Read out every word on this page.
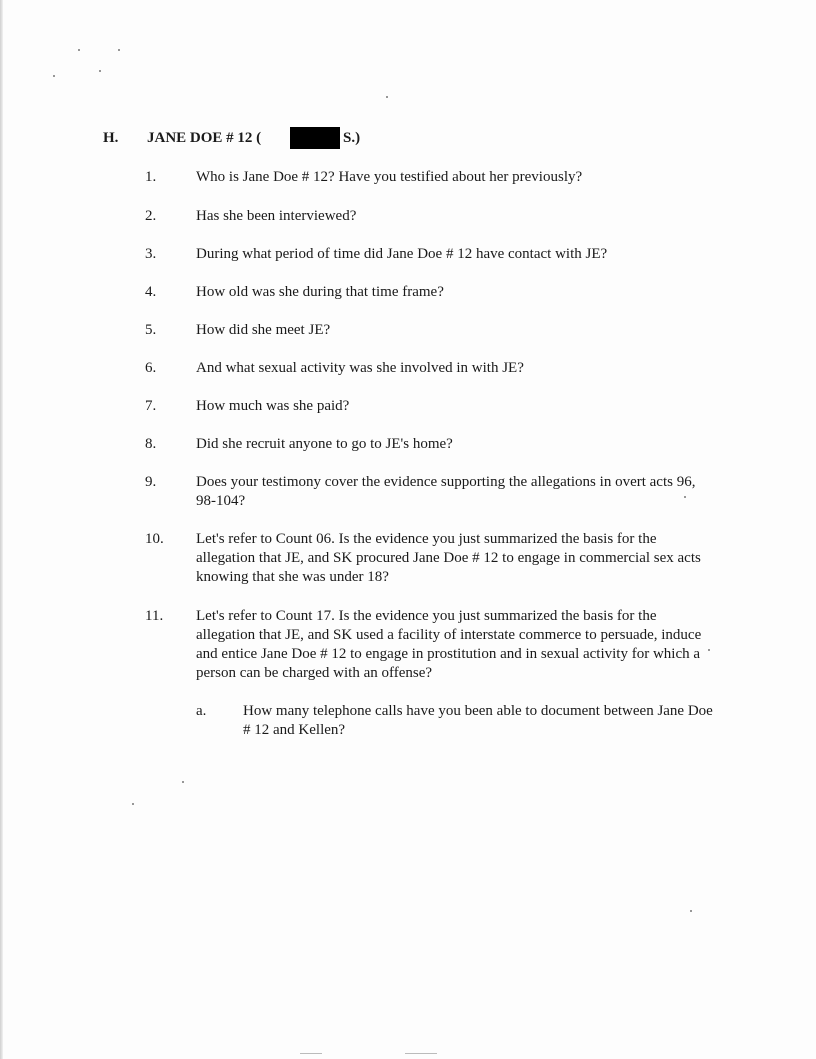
H. JANE DOE # 12 (	S.)
1.	Who is Jane Doe # 12? Have you testified about her previously?
2.	Has she been interviewed?
3.	During what period of time did Jane Doe # 12 have contact with JE?
4.	How old was she during that time frame?
5.	How did she meet JE?
6.	And what sexual activity was she involved in with JE?
7.	How much was she paid?
8.	Did she recruit anyone to go to JE's home?
9.	Does your testimony cover the evidence supporting the allegations in overt acts 96, 98-104?
10. Let's refer to Count 06. Is the evidence you just summarized the basis for the allegation that JE, and SK procured Jane Doe # 12 to engage in commercial sex acts knowing that she was under 18?
11. Let's refer to Count 17. Is the evidence you just summarized the basis for the allegation that JE, and SK used a facility of interstate commerce to persuade, induce and entice Jane Doe # 12 to engage in prostitution and in sexual activity for which a person can be charged with an offense?
a. How many telephone calls have you been able to document between Jane Doe # 12 and Kellen?
